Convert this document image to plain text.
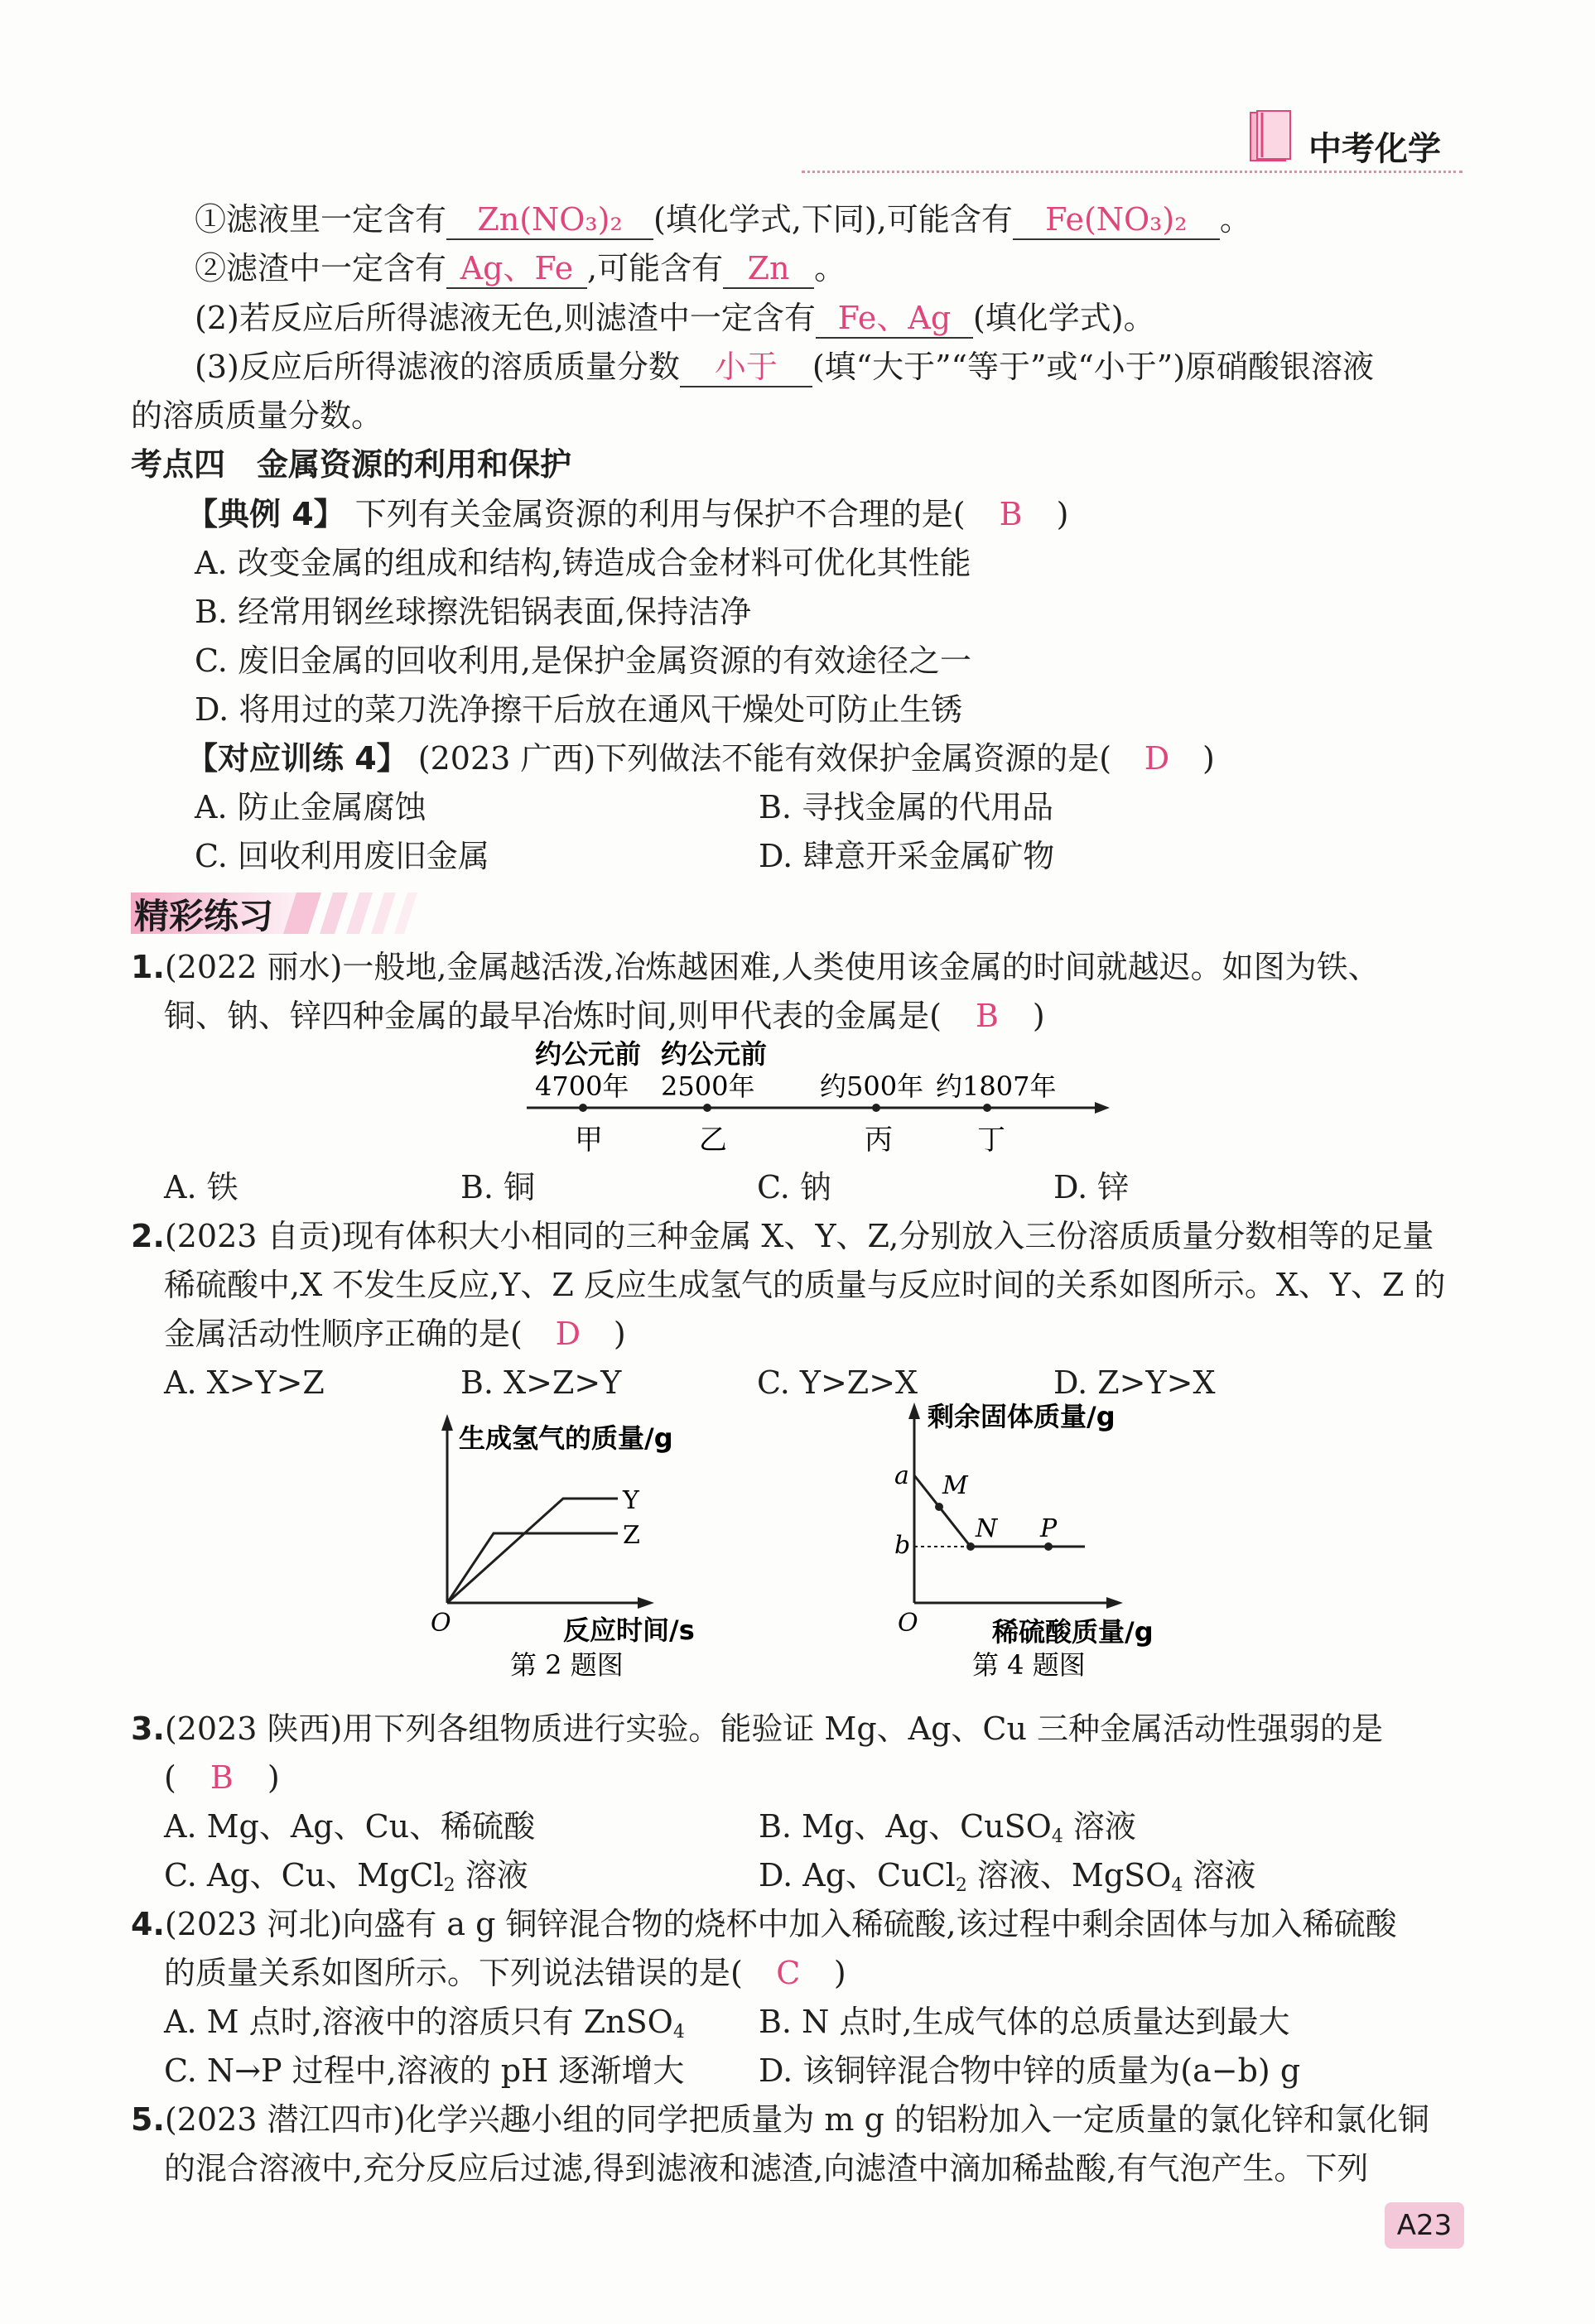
中考化学
①滤液里一定含有 Zn(NO₃)₂ (填化学式,下同),可能含有 Fe(NO₃)₂ 。
②滤渣中一定含有 Ag、Fe ,可能含有 Zn 。
(2)若反应后所得滤液无色,则滤渣中一定含有 Fe、Ag (填化学式)。
(3)反应后所得滤液的溶质质量分数 小于 (填“大于”“等于”或“小于”)原硝酸银溶液
的溶质质量分数。
考点四　金属资源的利用和保护
【典例 4】 下列有关金属资源的利用与保护不合理的是( B )
A. 改变金属的组成和结构,铸造成合金材料可优化其性能
B. 经常用钢丝球擦洗铝锅表面,保持洁净
C. 废旧金属的回收利用,是保护金属资源的有效途径之一
D. 将用过的菜刀洗净擦干后放在通风干燥处可防止生锈
【对应训练 4】 (2023 广西)下列做法不能有效保护金属资源的是( D )
A. 防止金属腐蚀	B. 寻找金属的代用品
C. 回收利用废旧金属	D. 肆意开采金属矿物
精彩练习
1.(2022 丽水)一般地,金属越活泼,冶炼越困难,人类使用该金属的时间就越迟。如图为铁、
铜、钠、锌四种金属的最早冶炼时间,则甲代表的金属是( B )
约公元前
4700年
约公元前
2500年 约500年 约1807年
甲	乙	丙	丁
A. 铁	B. 铜	C. 钠	D. 锌
2.(2023 自贡)现有体积大小相同的三种金属 X、Y、Z,分别放入三份溶质质量分数相等的足量
稀硫酸中,X 不发生反应,Y、Z 反应生成氢气的质量与反应时间的关系如图所示。X、Y、Z 的
金属活动性顺序正确的是( D )
A. X>Y>Z	B. X>Z>Y	C. Y>Z>X	D. Z>Y>X
生成氢气的质量/g
Y
Z
O	反应时间/s
第 2 题图
剩余固体质量/g
a
b
M
N P
O	稀硫酸质量/g
第 4 题图
3.(2023 陕西)用下列各组物质进行实验。能验证 Mg、Ag、Cu 三种金属活动性强弱的是
( B )
A. Mg、Ag、Cu、稀硫酸	B. Mg、Ag、CuSO$_4$ 溶液
C. Ag、Cu、MgCl$_2$ 溶液	D. Ag、CuCl$_2$ 溶液、MgSO$_4$ 溶液
4.(2023 河北)向盛有 a g 铜锌混合物的烧杯中加入稀硫酸,该过程中剩余固体与加入稀硫酸
的质量关系如图所示。下列说法错误的是( C )
A. M 点时,溶液中的溶质只有 ZnSO$_4$ B. N 点时,生成气体的总质量达到最大
C. N→P 过程中,溶液的 pH 逐渐增大 D. 该铜锌混合物中锌的质量为(a−b) g
5.(2023 潜江四市)化学兴趣小组的同学把质量为 m g 的铝粉加入一定质量的氯化锌和氯化铜
的混合溶液中,充分反应后过滤,得到滤液和滤渣,向滤渣中滴加稀盐酸,有气泡产生。下列
A23
